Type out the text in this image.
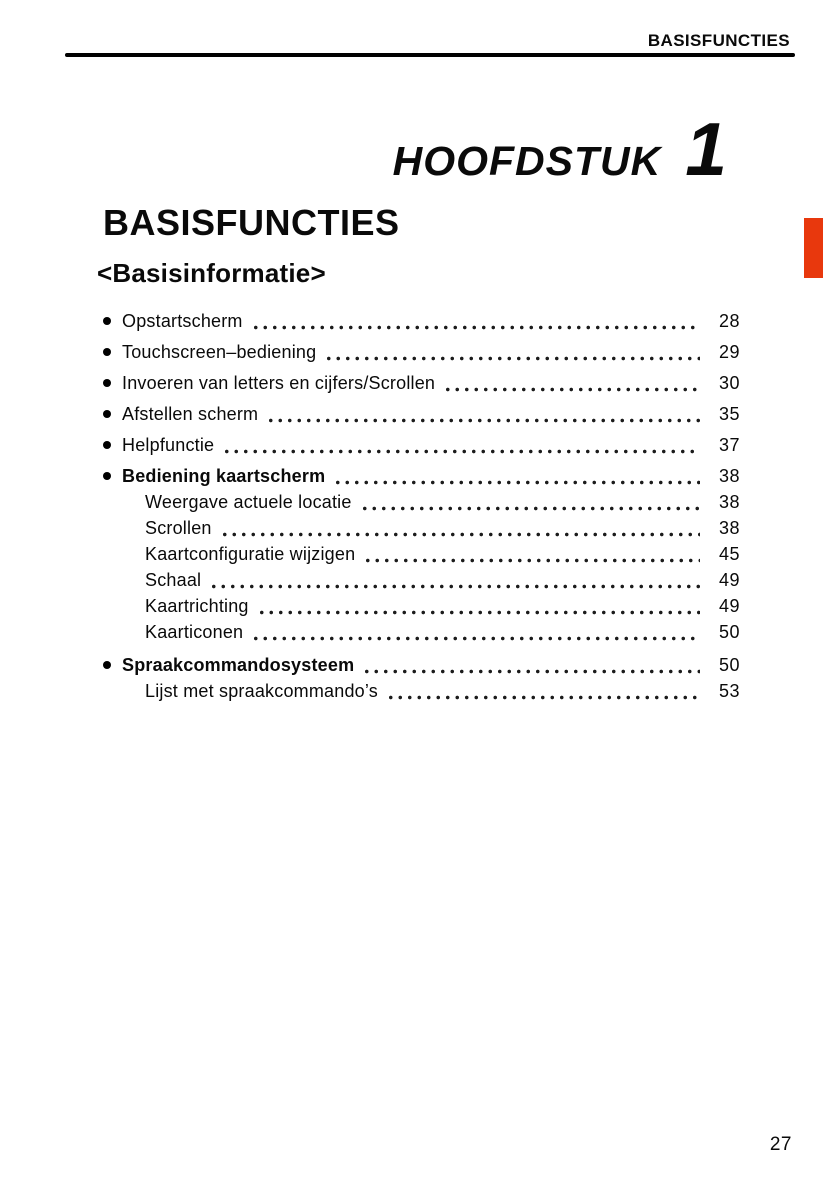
BASISFUNCTIES
HOOFDSTUK 1
BASISFUNCTIES
<Basisinformatie>
Opstartscherm	28
Touchscreen–bediening	29
Invoeren van letters en cijfers/Scrollen	30
Afstellen scherm	35
Helpfunctie	37
Bediening kaartscherm	38
Weergave actuele locatie	38
Scrollen	38
Kaartconfiguratie wijzigen	45
Schaal	49
Kaartrichting	49
Kaarticonen	50
Spraakcommandosysteem	50
Lijst met spraakcommando’s	53
27
